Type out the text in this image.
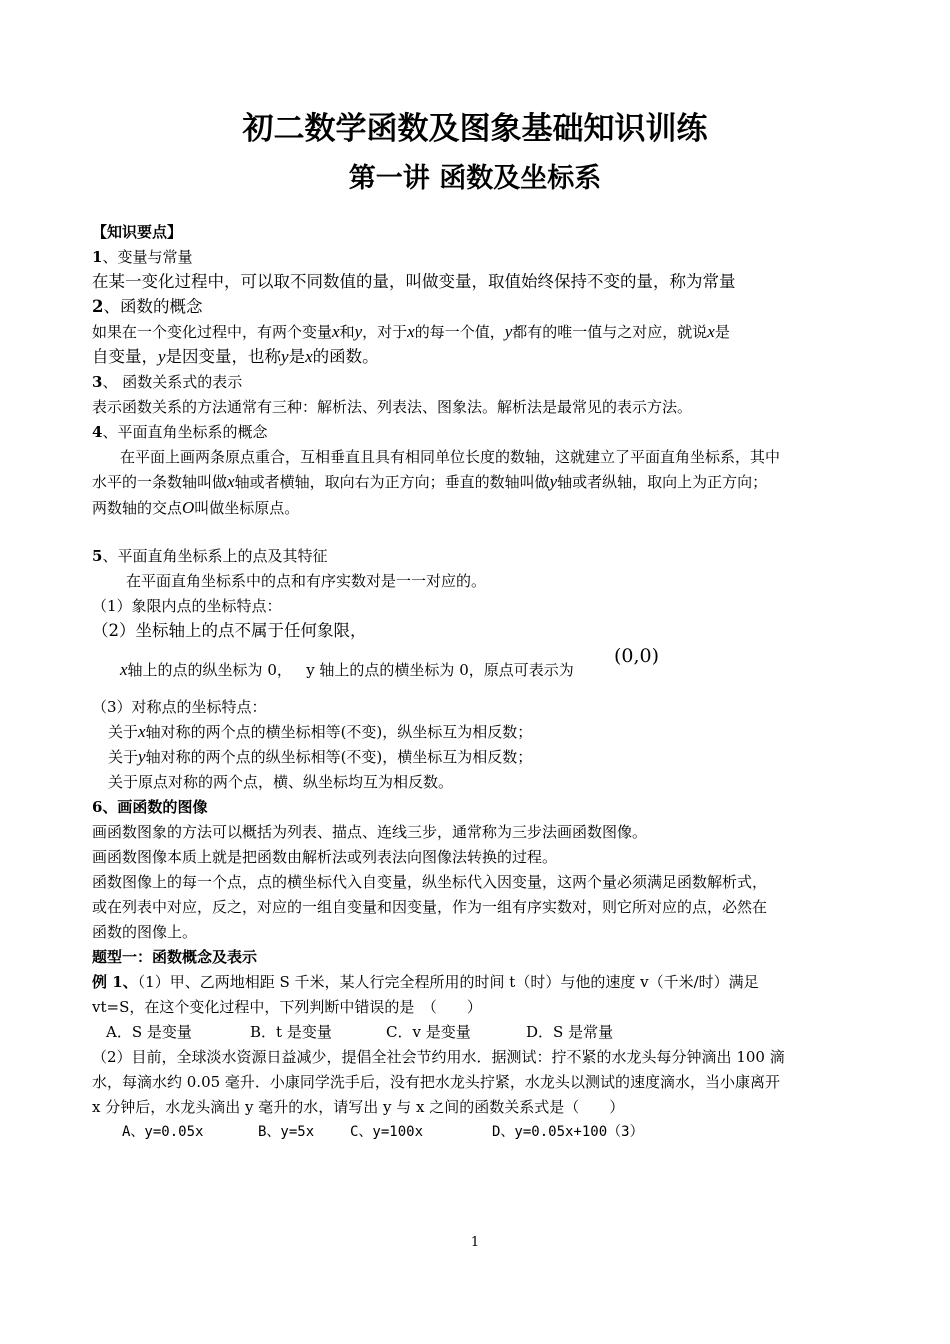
初二数学函数及图象基础知识训练
第一讲 函数及坐标系
【知识要点】
1、变量与常量
在某一变化过程中，可以取不同数值的量，叫做变量，取值始终保持不变的量，称为常量
2、函数的概念
如果在一个变化过程中，有两个变量x和y，对于x的每一个值，y都有的唯一值与之对应，就说x是
自变量，y是因变量，也称y是x的函数。
3、 函数关系式的表示
表示函数关系的方法通常有三种：解析法、列表法、图象法。解析法是最常见的表示方法。
4、平面直角坐标系的概念
在平面上画两条原点重合，互相垂直且具有相同单位长度的数轴，这就建立了平面直角坐标系，其中
水平的一条数轴叫做x轴或者横轴，取向右为正方向；垂直的数轴叫做y轴或者纵轴，取向上为正方向；
两数轴的交点O叫做坐标原点。
5、平面直角坐标系上的点及其特征
在平面直角坐标系中的点和有序实数对是一一对应的。
（1）象限内点的坐标特点：
（2）坐标轴上的点不属于任何象限，
x轴上的点的纵坐标为 0， y 轴上的点的横坐标为 0，原点可表示为
(0,0)
（3）对称点的坐标特点：
关于x轴对称的两个点的横坐标相等(不变)，纵坐标互为相反数；
关于y轴对称的两个点的纵坐标相等(不变)，横坐标互为相反数；
关于原点对称的两个点，横、纵坐标均互为相反数。
6、画函数的图像
画函数图象的方法可以概括为列表、描点、连线三步，通常称为三步法画函数图像。
画函数图像本质上就是把函数由解析法或列表法向图像法转换的过程。
函数图像上的每一个点，点的横坐标代入自变量，纵坐标代入因变量，这两个量必须满足函数解析式，
或在列表中对应，反之，对应的一组自变量和因变量，作为一组有序实数对，则它所对应的点，必然在
函数的图像上。
题型一：函数概念及表示
例 1、（1）甲、乙两地相距 S 千米，某人行完全程所用的时间 t（时）与他的速度 v（千米/时）满足
vt=S，在这个变化过程中，下列判断中错误的是　（　　）
A．S 是变量	B．t 是变量	C．v 是变量	D．S 是常量
（2）目前，全球淡水资源日益减少，提倡全社会节约用水．据测试：拧不紧的水龙头每分钟滴出 100 滴
水，每滴水约 0.05 毫升．小康同学洗手后，没有把水龙头拧紧，水龙头以测试的速度滴水，当小康离开
x 分钟后，水龙头滴出 y 毫升的水，请写出 y 与 x 之间的函数关系式是（　　）
A、y=0.05x	B、y=5x	C、y=100x	D、y=0.05x+100（3）
1
